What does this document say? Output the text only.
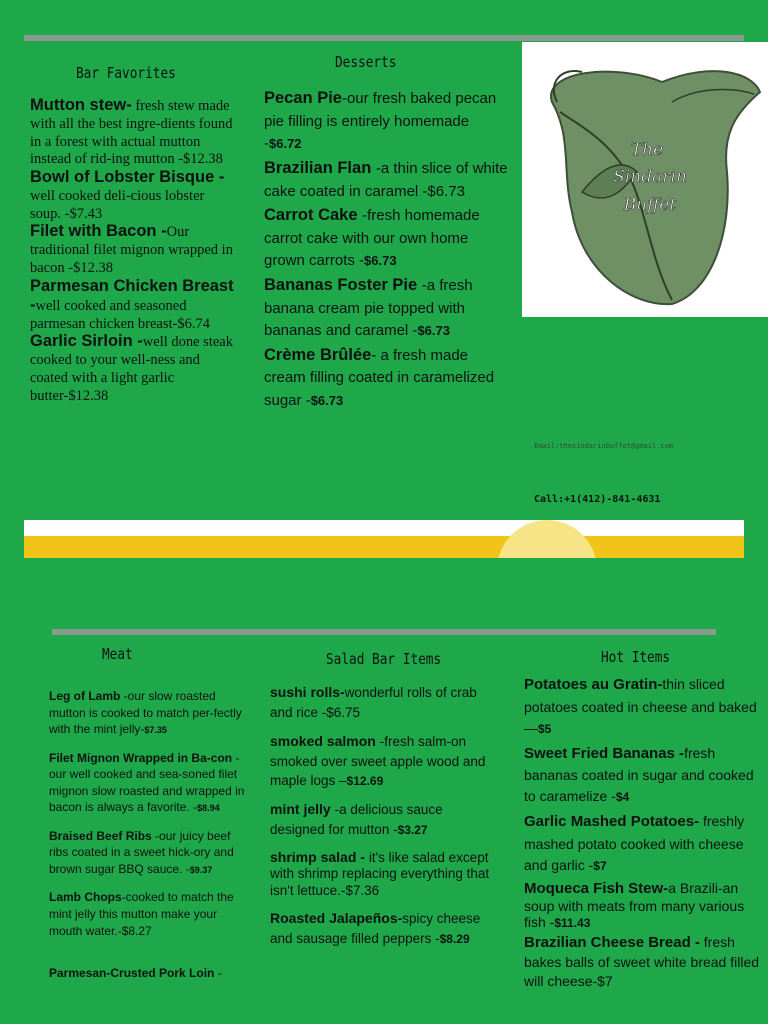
Bar Favorites

Mutton stew- fresh stew made with all the best ingre-dients found in a forest with actual mutton instead of rid-ing mutton -$12.38

Bowl of Lobster Bisque -well cooked deli-cious lobster soup. -$7.43

Filet with Bacon -Our traditional filet mignon wrapped in bacon -$12.38

Parmesan Chicken Breast -well cooked and seasoned parmesan chicken breast-$6.74

Garlic Sirloin -well done steak cooked to your well-ness and coated with a light garlic butter-$12.38

Desserts

Pecan Pie-our fresh baked pecan pie filling is entirely homemade -$6.72

Brazilian Flan -a thin slice of white cake coated in caramel -$6.73

Carrot Cake -fresh homemade carrot cake with our own home grown carrots -$6.73

Bananas Foster Pie -a fresh banana cream pie topped with bananas and caramel -$6.73

Crème Brûlée- a fresh made cream filling coated in caramelized sugar -$6.73

The
Sindarin
Buffet
Email:thesindarinbuffet@gmail.com
Call:+1(412)-841-4631
Meat

Leg of Lamb -our slow roasted mutton is cooked to match per-fectly with the mint jelly-$7.35

Filet Mignon Wrapped in Ba-con -our well cooked and sea-soned filet mignon slow roasted and wrapped in bacon is always a favorite. -$8.94

Braised Beef Ribs -our juicy beef ribs coated in a sweet hick-ory and brown sugar BBQ sauce. -$9.37

Lamb Chops-cooked to match the mint jelly this mutton make your mouth water.-$8.27

Parmesan-Crusted Pork Loin -

Salad Bar Items

sushi rolls-wonderful rolls of crab and rice -$6.75

smoked salmon -fresh salm-on smoked over sweet apple wood and maple logs –$12.69

mint jelly -a delicious sauce designed for mutton -$3.27

shrimp salad - it's like salad except with shrimp replacing everything that isn't lettuce.-$7.36

Roasted Jalapeños-spicy cheese and sausage filled peppers -$8.29

Hot Items

Potatoes au Gratin-thin sliced potatoes coated in cheese and baked —$5

Sweet Fried Bananas -fresh bananas coated in sugar and cooked to caramelize -$4

Garlic Mashed Potatoes- freshly mashed potato cooked with cheese and garlic -$7

Moqueca Fish Stew-a Brazili-an soup with meats from many various fish -$11.43

Brazilian Cheese Bread - fresh bakes balls of sweet white bread filled will cheese-$7
